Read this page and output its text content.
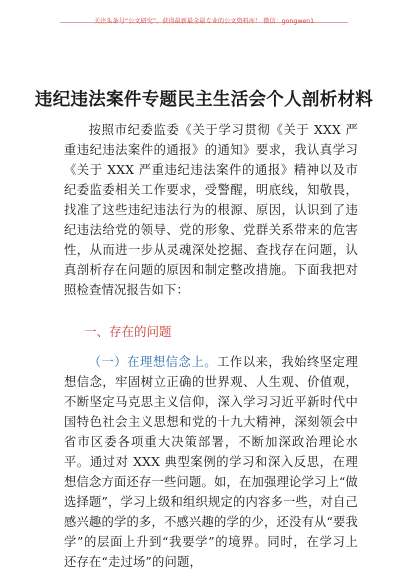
关注头条号“公文研究”，获得最新最全最专业的公文资料库！ 微信：gongwen1
违纪违法案件专题民主生活会个人剖析材料

按照市纪委监委《关于学习贯彻《关于 XXX 严重违纪违法案件的通报》的通知》要求，我认真学习《关于 XXX 严重违纪违法案件的通报》精神以及市纪委监委相关工作要求，受警醒，明底线，知敬畏，找准了这些违纪违法行为的根源、原因，认识到了违纪违法给党的领导、党的形象、党群关系带来的危害性，从而进一步从灵魂深处挖掘、查找存在问题，认真剖析存在问题的原因和制定整改措施。下面我把对照检查情况报告如下：

一、存在的问题

（一）在理想信念上。工作以来，我始终坚定理想信念，牢固树立正确的世界观、人生观、价值观，不断坚定马克思主义信仰，深入学习习近平新时代中国特色社会主义思想和党的十九大精神，深刻领会中省市区委各项重大决策部署，不断加深政治理论水平。通过对 XXX 典型案例的学习和深入反思，在理想信念方面还存一些问题。如，在加强理论学习上“做选择题”，学习上级和组织规定的内容多一些，对自己感兴趣的学的多，不感兴趣的学的少，还没有从“要我学”的层面上升到“我要学”的境界。同时，在学习上还存在“走过场”的问题，
